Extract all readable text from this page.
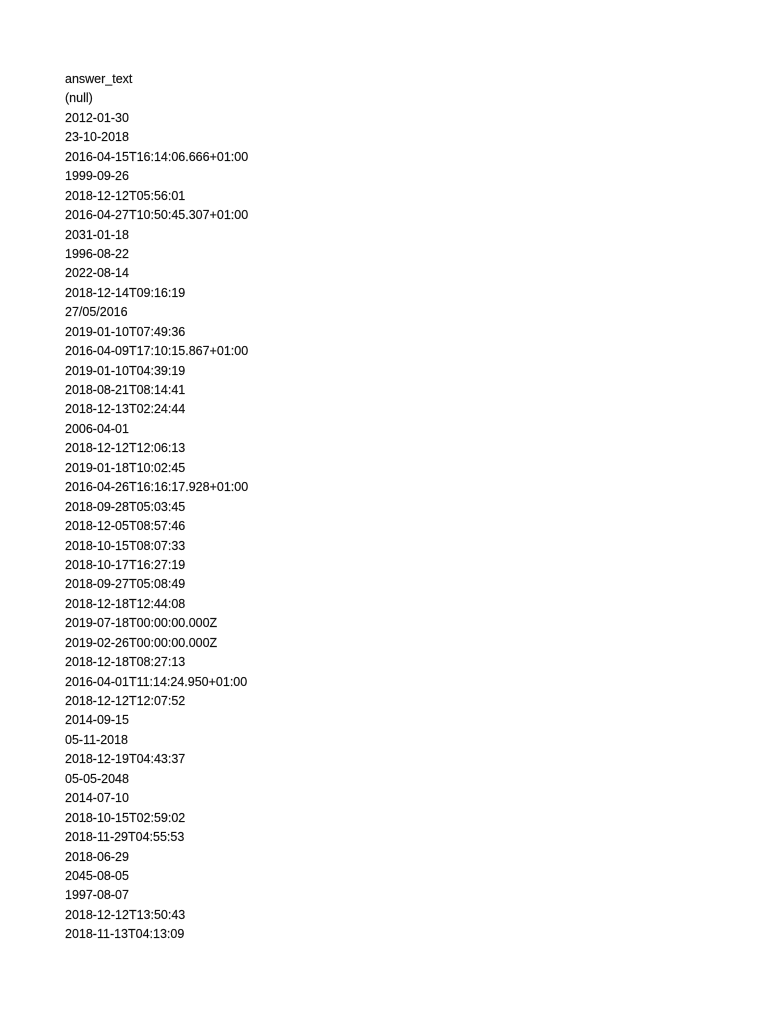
answer_text
(null)
2012-01-30
23-10-2018
2016-04-15T16:14:06.666+01:00
1999-09-26
2018-12-12T05:56:01
2016-04-27T10:50:45.307+01:00
2031-01-18
1996-08-22
2022-08-14
2018-12-14T09:16:19
27/05/2016
2019-01-10T07:49:36
2016-04-09T17:10:15.867+01:00
2019-01-10T04:39:19
2018-08-21T08:14:41
2018-12-13T02:24:44
2006-04-01
2018-12-12T12:06:13
2019-01-18T10:02:45
2016-04-26T16:16:17.928+01:00
2018-09-28T05:03:45
2018-12-05T08:57:46
2018-10-15T08:07:33
2018-10-17T16:27:19
2018-09-27T05:08:49
2018-12-18T12:44:08
2019-07-18T00:00:00.000Z
2019-02-26T00:00:00.000Z
2018-12-18T08:27:13
2016-04-01T11:14:24.950+01:00
2018-12-12T12:07:52
2014-09-15
05-11-2018
2018-12-19T04:43:37
05-05-2048
2014-07-10
2018-10-15T02:59:02
2018-11-29T04:55:53
2018-06-29
2045-08-05
1997-08-07
2018-12-12T13:50:43
2018-11-13T04:13:09
